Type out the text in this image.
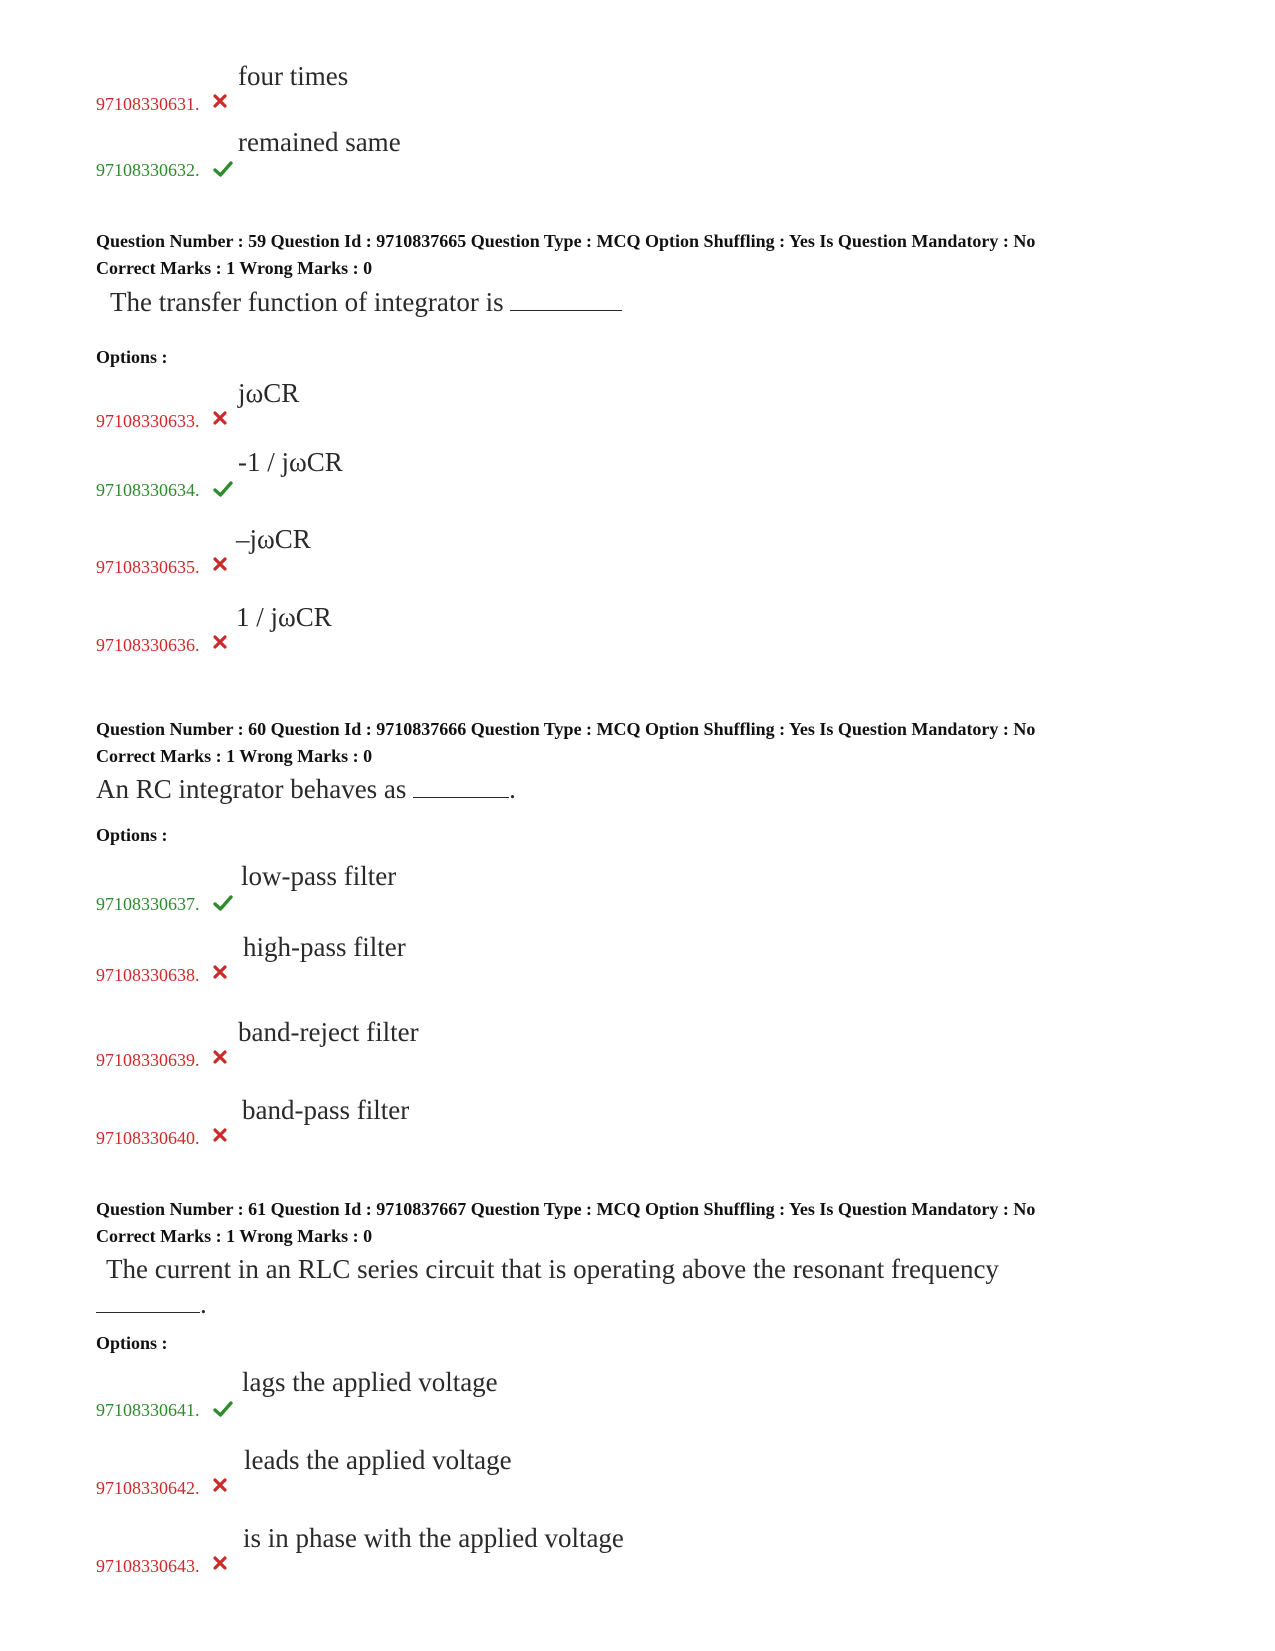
97108330631.
four times
97108330632.
remained same
Question Number : 59 Question Id : 9710837665 Question Type : MCQ Option Shuffling : Yes Is Question Mandatory : No
Correct Marks : 1 Wrong Marks : 0
The transfer function of integrator is
Options :
97108330633.
jωCR
97108330634.
-1 / jωCR
97108330635.
–jωCR
97108330636.
1 / jωCR
Question Number : 60 Question Id : 9710837666 Question Type : MCQ Option Shuffling : Yes Is Question Mandatory : No
Correct Marks : 1 Wrong Marks : 0
An RC integrator behaves as	.
Options :
97108330637.
low-pass filter
97108330638.
high-pass filter
97108330639.
band-reject filter
97108330640.
band-pass filter
Question Number : 61 Question Id : 9710837667 Question Type : MCQ Option Shuffling : Yes Is Question Mandatory : No
Correct Marks : 1 Wrong Marks : 0
The current in an RLC series circuit that is operating above the resonant frequency
.
Options :
97108330641.
lags the applied voltage
97108330642.
leads the applied voltage
97108330643.
is in phase with the applied voltage
